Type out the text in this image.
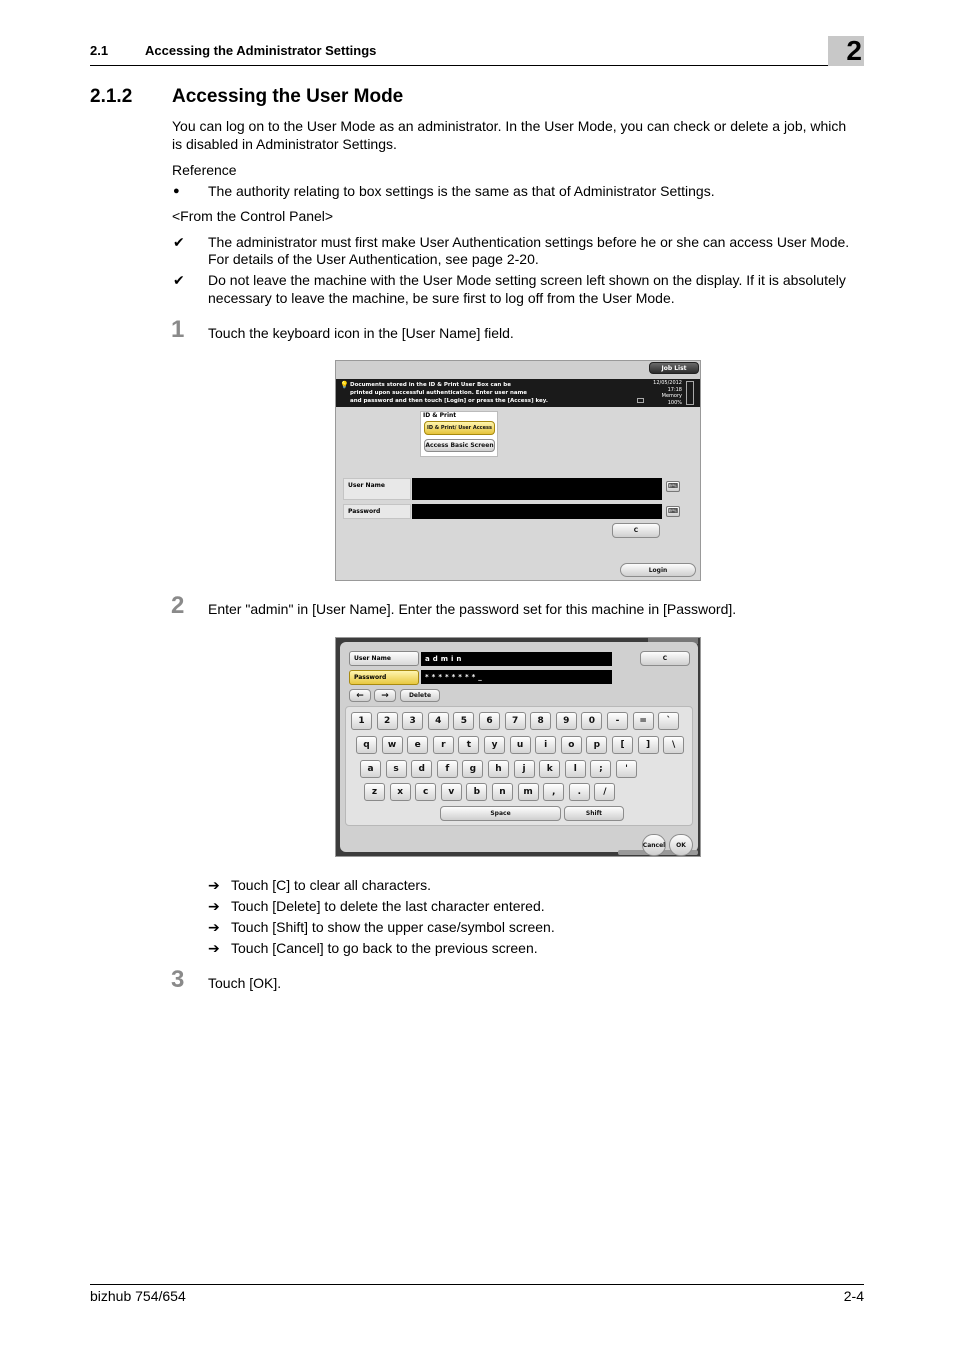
2.1	Accessing the Administrator Settings	2
2.1.2 Accessing the User Mode
You can log on to the User Mode as an administrator. In the User Mode, you can check or delete a job, which
is disabled in Administrator Settings.
Reference
● The authority relating to box settings is the same as that of Administrator Settings.
<From the Control Panel>
✔ The administrator must first make User Authentication settings before he or she can access User Mode.
For details of the User Authentication, see page 2-20.
✔ Do not leave the machine with the User Mode setting screen left shown on the display. If it is absolutely
necessary to leave the machine, be sure first to log off from the User Mode.
1 Touch the keyboard icon in the [User Name] field.
Job List
💡 Documents stored in the ID & Print User Box can be
printed upon successful authentication. Enter user name
and password and then touch [Login] or press the [Access] key.
12/05/2012
17:18
Memory
100%
ID & Print
ID & Print/ User Access
Access Basic Screen
User Name	⌨
Password	⌨
C
Login
2 Enter "admin" in [User Name]. Enter the password set for this machine in [Password].
User Name	admin	C
Password	********_
←	→	Delete
1	2	3	4	5	6	7	8	9	0	-	=	`
q	w	e	r	t	y	u	i	o	p	[	]	\
a	s	d	f	g	h	j	k	l	;	'
z	x	c	v	b	n	m	,	.	/
Space	Shift
Cancel	OK
➔ Touch [C] to clear all characters.
➔ Touch [Delete] to delete the last character entered.
➔ Touch [Shift] to show the upper case/symbol screen.
➔ Touch [Cancel] to go back to the previous screen.
3 Touch [OK].
bizhub 754/654	2-4
